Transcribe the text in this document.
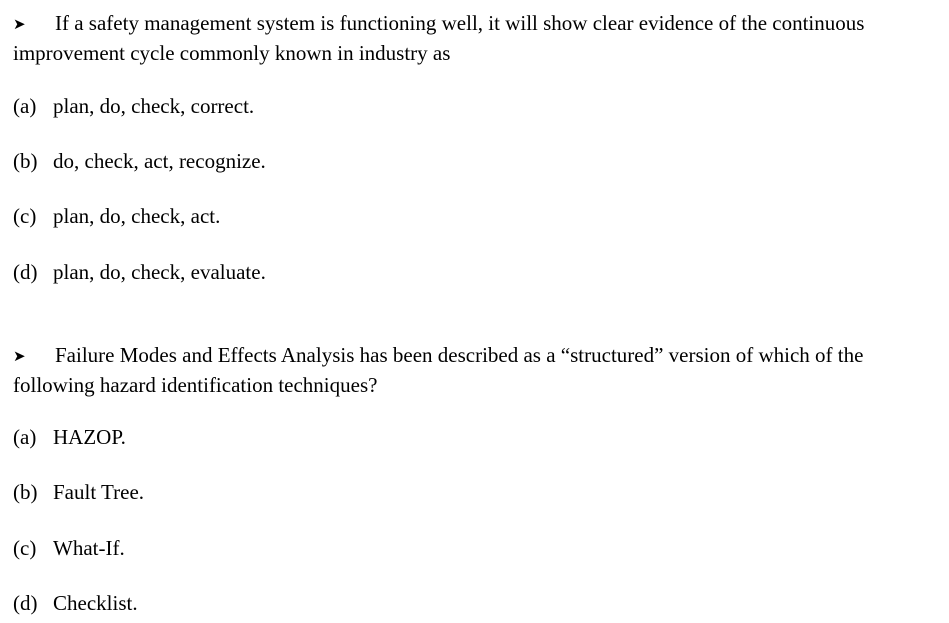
➤ If a safety management system is functioning well, it will show clear evidence of the continuous improvement cycle commonly known in industry as

(a) plan, do, check, correct.

(b) do, check, act, recognize.

(c) plan, do, check, act.

(d) plan, do, check, evaluate.

➤ Failure Modes and Effects Analysis has been described as a “structured” version of which of the following hazard identification techniques?

(a) HAZOP.

(b) Fault Tree.

(c) What-If.

(d) Checklist.
